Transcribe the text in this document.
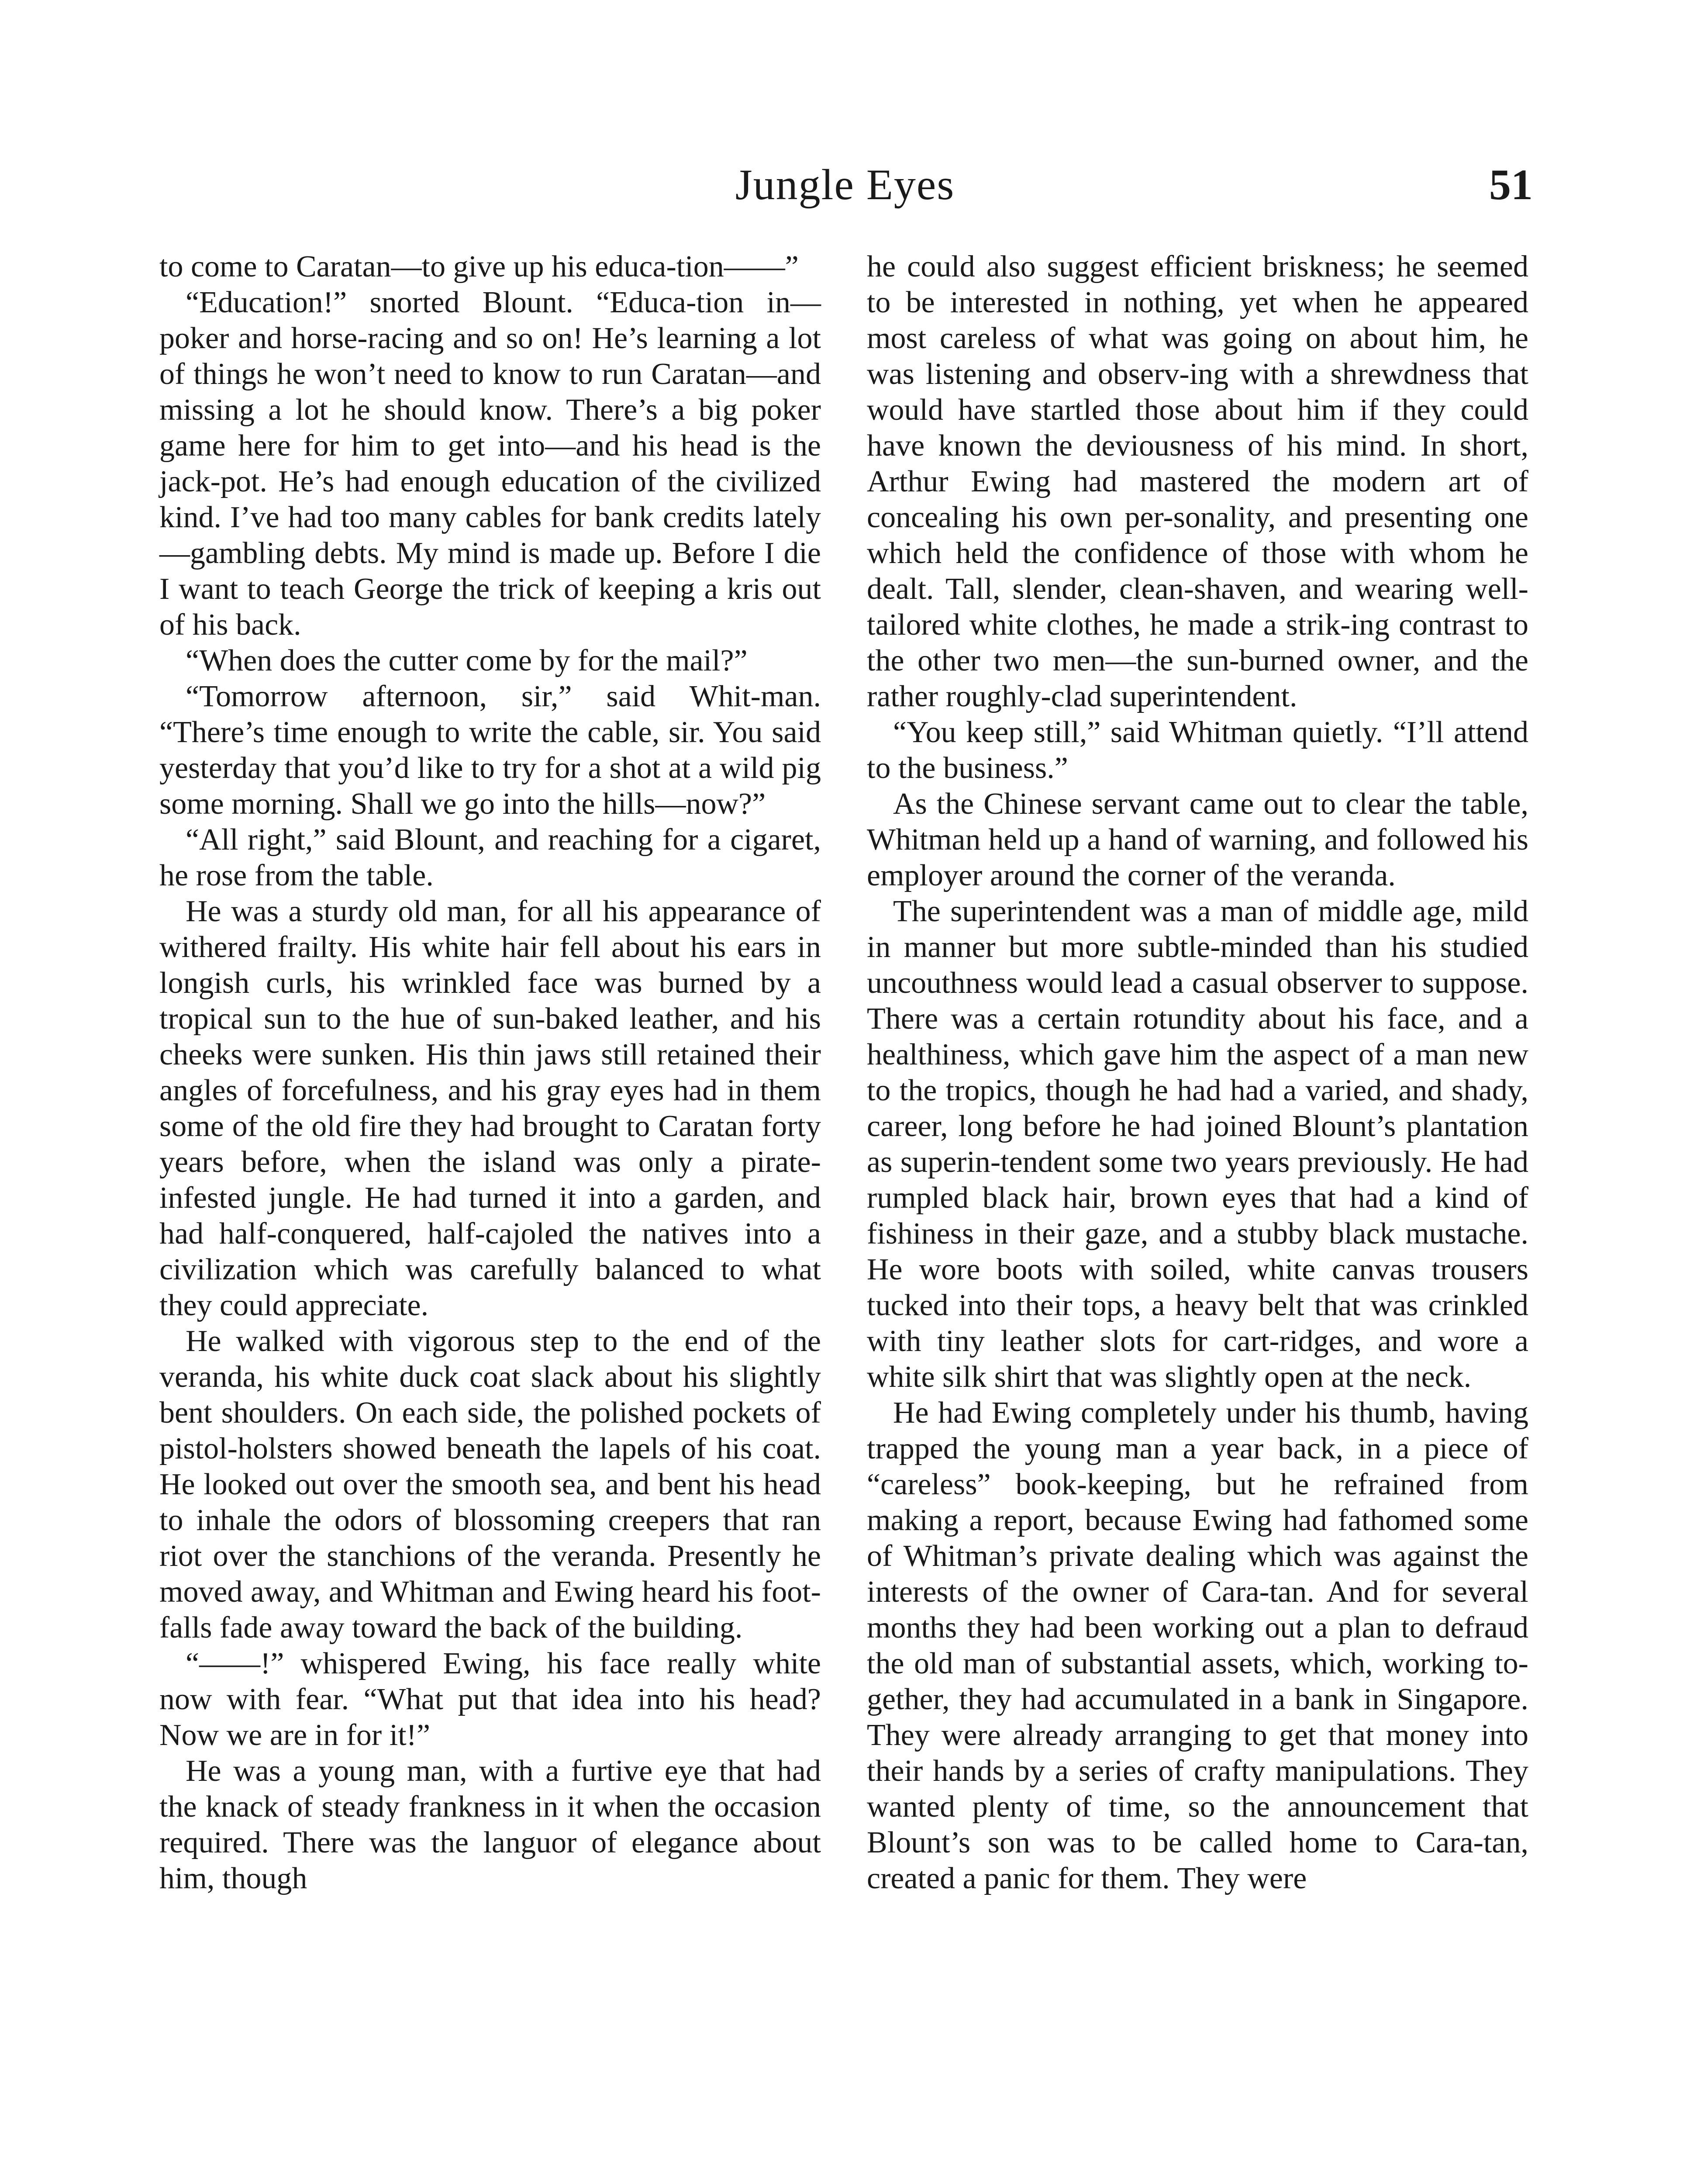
Jungle Eyes	51

to come to Caratan—to give up his educa-tion——”

“Education!” snorted Blount. “Educa-tion in—poker and horse-racing and so on! He’s learning a lot of things he won’t need to know to run Caratan—and missing a lot he should know. There’s a big poker game here for him to get into—and his head is the jack-pot. He’s had enough education of the civilized kind. I’ve had too many cables for bank credits lately—gambling debts. My mind is made up. Before I die I want to teach George the trick of keeping a kris out of his back.

“When does the cutter come by for the mail?”

“Tomorrow afternoon, sir,” said Whit-man. “There’s time enough to write the cable, sir. You said yesterday that you’d like to try for a shot at a wild pig some morning. Shall we go into the hills—now?”

“All right,” said Blount, and reaching for a cigaret, he rose from the table.

He was a sturdy old man, for all his appearance of withered frailty. His white hair fell about his ears in longish curls, his wrinkled face was burned by a tropical sun to the hue of sun-baked leather, and his cheeks were sunken. His thin jaws still retained their angles of forcefulness, and his gray eyes had in them some of the old fire they had brought to Caratan forty years before, when the island was only a pirate-infested jungle. He had turned it into a garden, and had half-conquered, half-cajoled the natives into a civilization which was carefully balanced to what they could appreciate.

He walked with vigorous step to the end of the veranda, his white duck coat slack about his slightly bent shoulders. On each side, the polished pockets of pistol-holsters showed beneath the lapels of his coat. He looked out over the smooth sea, and bent his head to inhale the odors of blossoming creepers that ran riot over the stanchions of the veranda. Presently he moved away, and Whitman and Ewing heard his foot-falls fade away toward the back of the building.

“——!” whispered Ewing, his face really white now with fear. “What put that idea into his head? Now we are in for it!”

He was a young man, with a furtive eye that had the knack of steady frankness in it when the occasion required. There was the languor of elegance about him, though

he could also suggest efficient briskness; he seemed to be interested in nothing, yet when he appeared most careless of what was going on about him, he was listening and observ-ing with a shrewdness that would have startled those about him if they could have known the deviousness of his mind. In short, Arthur Ewing had mastered the modern art of concealing his own per-sonality, and presenting one which held the confidence of those with whom he dealt. Tall, slender, clean-shaven, and wearing well-tailored white clothes, he made a strik-ing contrast to the other two men—the sun-burned owner, and the rather roughly-clad superintendent.

“You keep still,” said Whitman quietly. “I’ll attend to the business.”

As the Chinese servant came out to clear the table, Whitman held up a hand of warning, and followed his employer around the corner of the veranda.

The superintendent was a man of middle age, mild in manner but more subtle-minded than his studied uncouthness would lead a casual observer to suppose. There was a certain rotundity about his face, and a healthiness, which gave him the aspect of a man new to the tropics, though he had had a varied, and shady, career, long before he had joined Blount’s plantation as superin-tendent some two years previously. He had rumpled black hair, brown eyes that had a kind of fishiness in their gaze, and a stubby black mustache. He wore boots with soiled, white canvas trousers tucked into their tops, a heavy belt that was crinkled with tiny leather slots for cart-ridges, and wore a white silk shirt that was slightly open at the neck.

He had Ewing completely under his thumb, having trapped the young man a year back, in a piece of “careless” book-keeping, but he refrained from making a report, because Ewing had fathomed some of Whitman’s private dealing which was against the interests of the owner of Cara-tan. And for several months they had been working out a plan to defraud the old man of substantial assets, which, working to-gether, they had accumulated in a bank in Singapore. They were already arranging to get that money into their hands by a series of crafty manipulations. They wanted plenty of time, so the announcement that Blount’s son was to be called home to Cara-tan, created a panic for them. They were
